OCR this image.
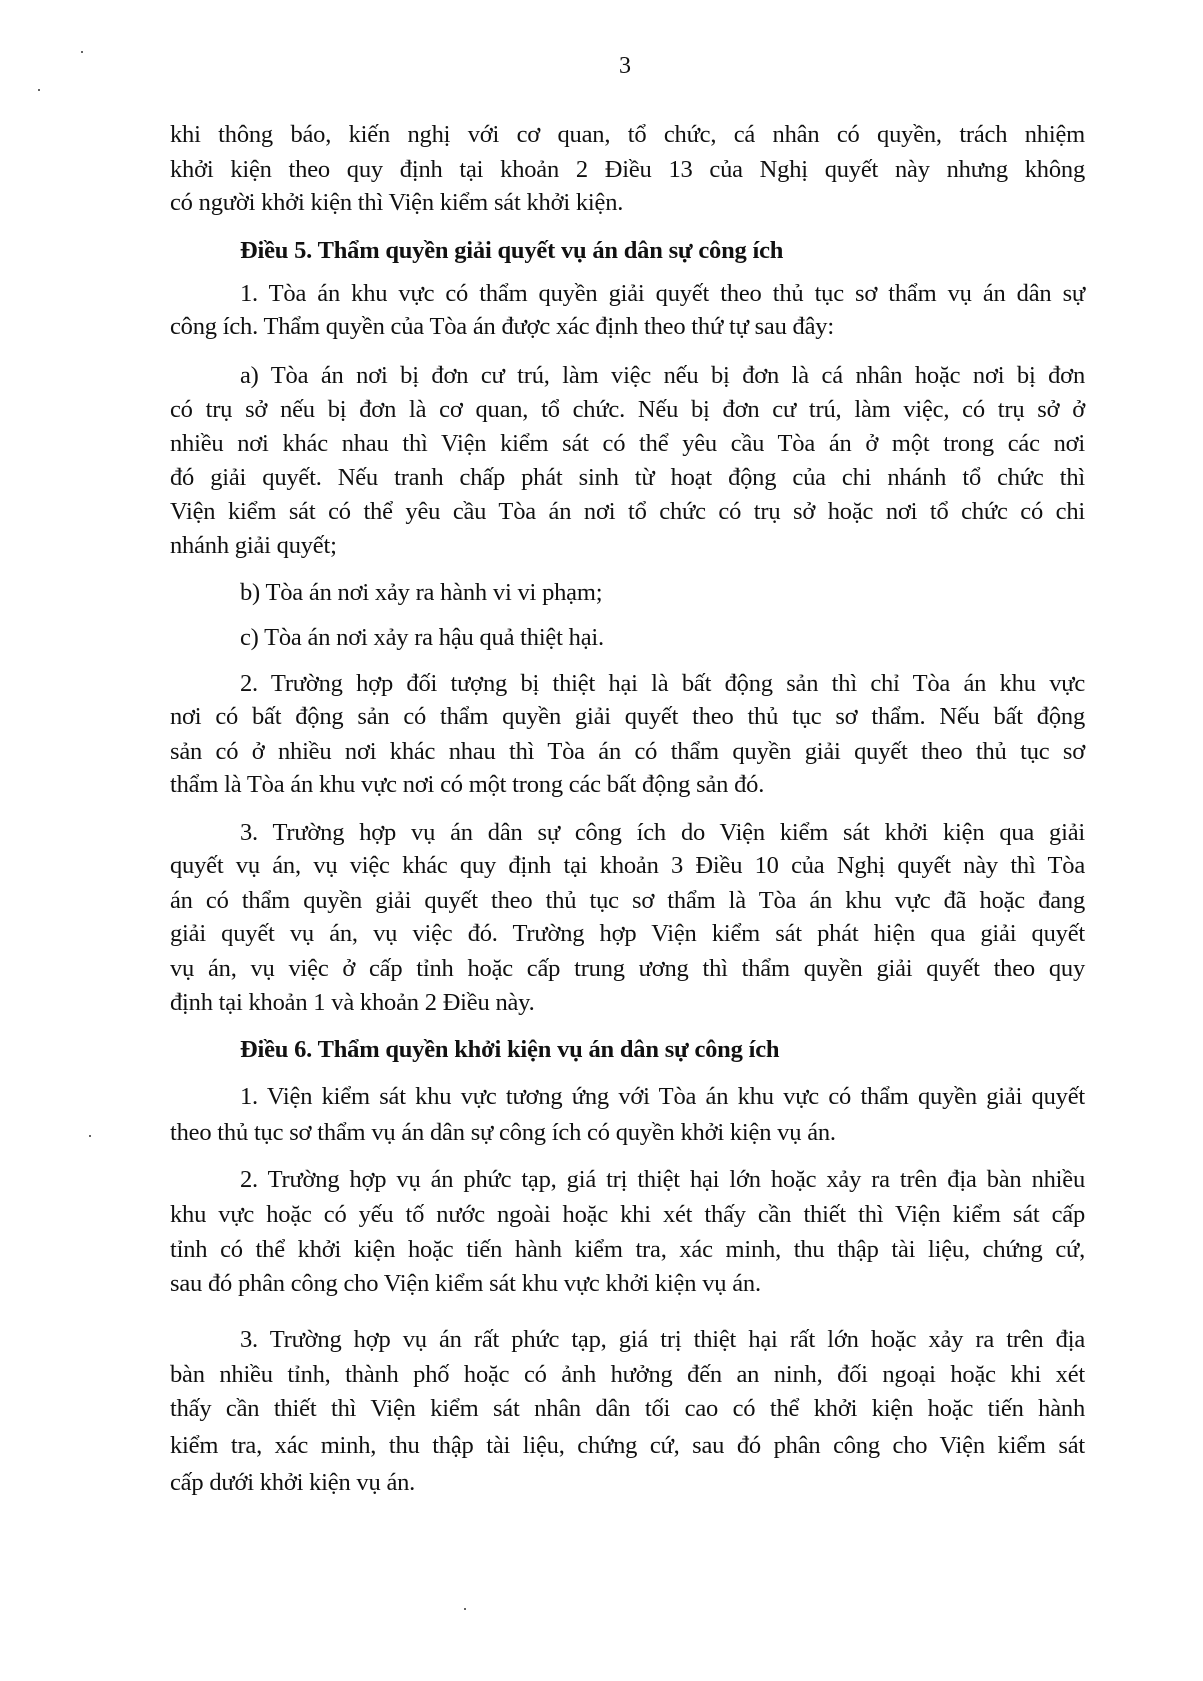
3
khi thông báo, kiến nghị với cơ quan, tổ chức, cá nhân có quyền, trách nhiệm
khởi kiện theo quy định tại khoản 2 Điều 13 của Nghị quyết này nhưng không
có người khởi kiện thì Viện kiểm sát khởi kiện.
Điều 5. Thẩm quyền giải quyết vụ án dân sự công ích
1. Tòa án khu vực có thẩm quyền giải quyết theo thủ tục sơ thẩm vụ án dân sự
công ích. Thẩm quyền của Tòa án được xác định theo thứ tự sau đây:
a) Tòa án nơi bị đơn cư trú, làm việc nếu bị đơn là cá nhân hoặc nơi bị đơn
có trụ sở nếu bị đơn là cơ quan, tổ chức. Nếu bị đơn cư trú, làm việc, có trụ sở ở
nhiều nơi khác nhau thì Viện kiểm sát có thể yêu cầu Tòa án ở một trong các nơi
đó giải quyết. Nếu tranh chấp phát sinh từ hoạt động của chi nhánh tổ chức thì
Viện kiểm sát có thể yêu cầu Tòa án nơi tổ chức có trụ sở hoặc nơi tổ chức có chi
nhánh giải quyết;
b) Tòa án nơi xảy ra hành vi vi phạm;
c) Tòa án nơi xảy ra hậu quả thiệt hại.
2. Trường hợp đối tượng bị thiệt hại là bất động sản thì chỉ Tòa án khu vực
nơi có bất động sản có thẩm quyền giải quyết theo thủ tục sơ thẩm. Nếu bất động
sản có ở nhiều nơi khác nhau thì Tòa án có thẩm quyền giải quyết theo thủ tục sơ
thẩm là Tòa án khu vực nơi có một trong các bất động sản đó.
3. Trường hợp vụ án dân sự công ích do Viện kiểm sát khởi kiện qua giải
quyết vụ án, vụ việc khác quy định tại khoản 3 Điều 10 của Nghị quyết này thì Tòa
án có thẩm quyền giải quyết theo thủ tục sơ thẩm là Tòa án khu vực đã hoặc đang
giải quyết vụ án, vụ việc đó. Trường hợp Viện kiểm sát phát hiện qua giải quyết
vụ án, vụ việc ở cấp tỉnh hoặc cấp trung ương thì thẩm quyền giải quyết theo quy
định tại khoản 1 và khoản 2 Điều này.
Điều 6. Thẩm quyền khởi kiện vụ án dân sự công ích
1. Viện kiểm sát khu vực tương ứng với Tòa án khu vực có thẩm quyền giải quyết
theo thủ tục sơ thẩm vụ án dân sự công ích có quyền khởi kiện vụ án.
2. Trường hợp vụ án phức tạp, giá trị thiệt hại lớn hoặc xảy ra trên địa bàn nhiều
khu vực hoặc có yếu tố nước ngoài hoặc khi xét thấy cần thiết thì Viện kiểm sát cấp
tỉnh có thể khởi kiện hoặc tiến hành kiểm tra, xác minh, thu thập tài liệu, chứng cứ,
sau đó phân công cho Viện kiểm sát khu vực khởi kiện vụ án.
3. Trường hợp vụ án rất phức tạp, giá trị thiệt hại rất lớn hoặc xảy ra trên địa
bàn nhiều tỉnh, thành phố hoặc có ảnh hưởng đến an ninh, đối ngoại hoặc khi xét
thấy cần thiết thì Viện kiểm sát nhân dân tối cao có thể khởi kiện hoặc tiến hành
kiểm tra, xác minh, thu thập tài liệu, chứng cứ, sau đó phân công cho Viện kiểm sát
cấp dưới khởi kiện vụ án.
